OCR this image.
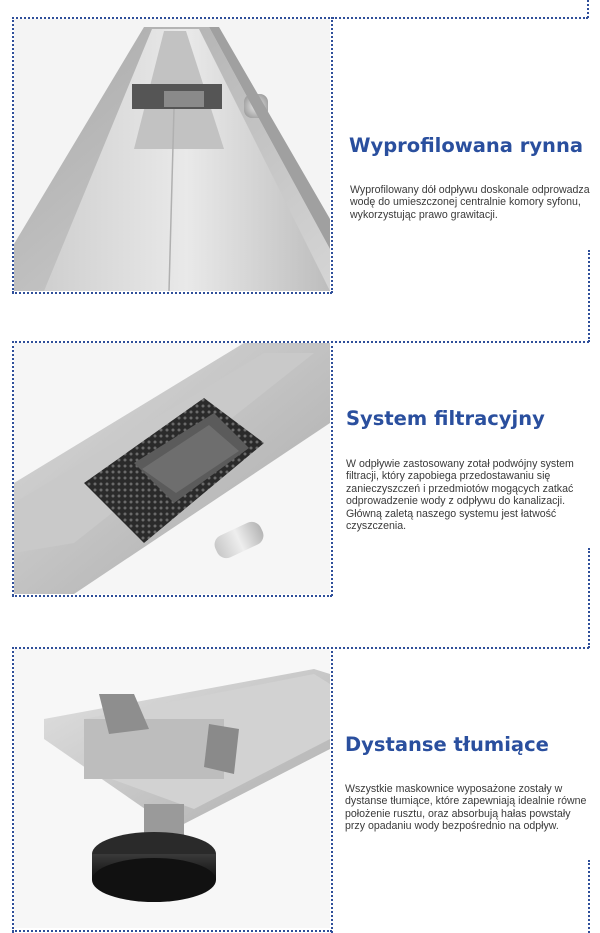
Wyprofilowana rynna

Wyprofilowany dół odpływu doskonale odprowadza wodę do umieszczonej centralnie komory syfonu, wykorzystując prawo grawitacji.

System filtracyjny

W odpływie zastosowany zotał podwójny system filtracji, który zapobiega przedostawaniu się zanieczyszczeń i przedmiotów mogących zatkać odprowadzenie wody z odpływu do kanalizacji. Główną zaletą naszego systemu jest łatwość czyszczenia.

Dystanse tłumiące

Wszystkie maskownice wyposażone zostały w dystanse tłumiące, które zapewniają idealnie równe położenie rusztu, oraz absorbują hałas powstały przy opadaniu wody bezpośrednio na odpływ.
